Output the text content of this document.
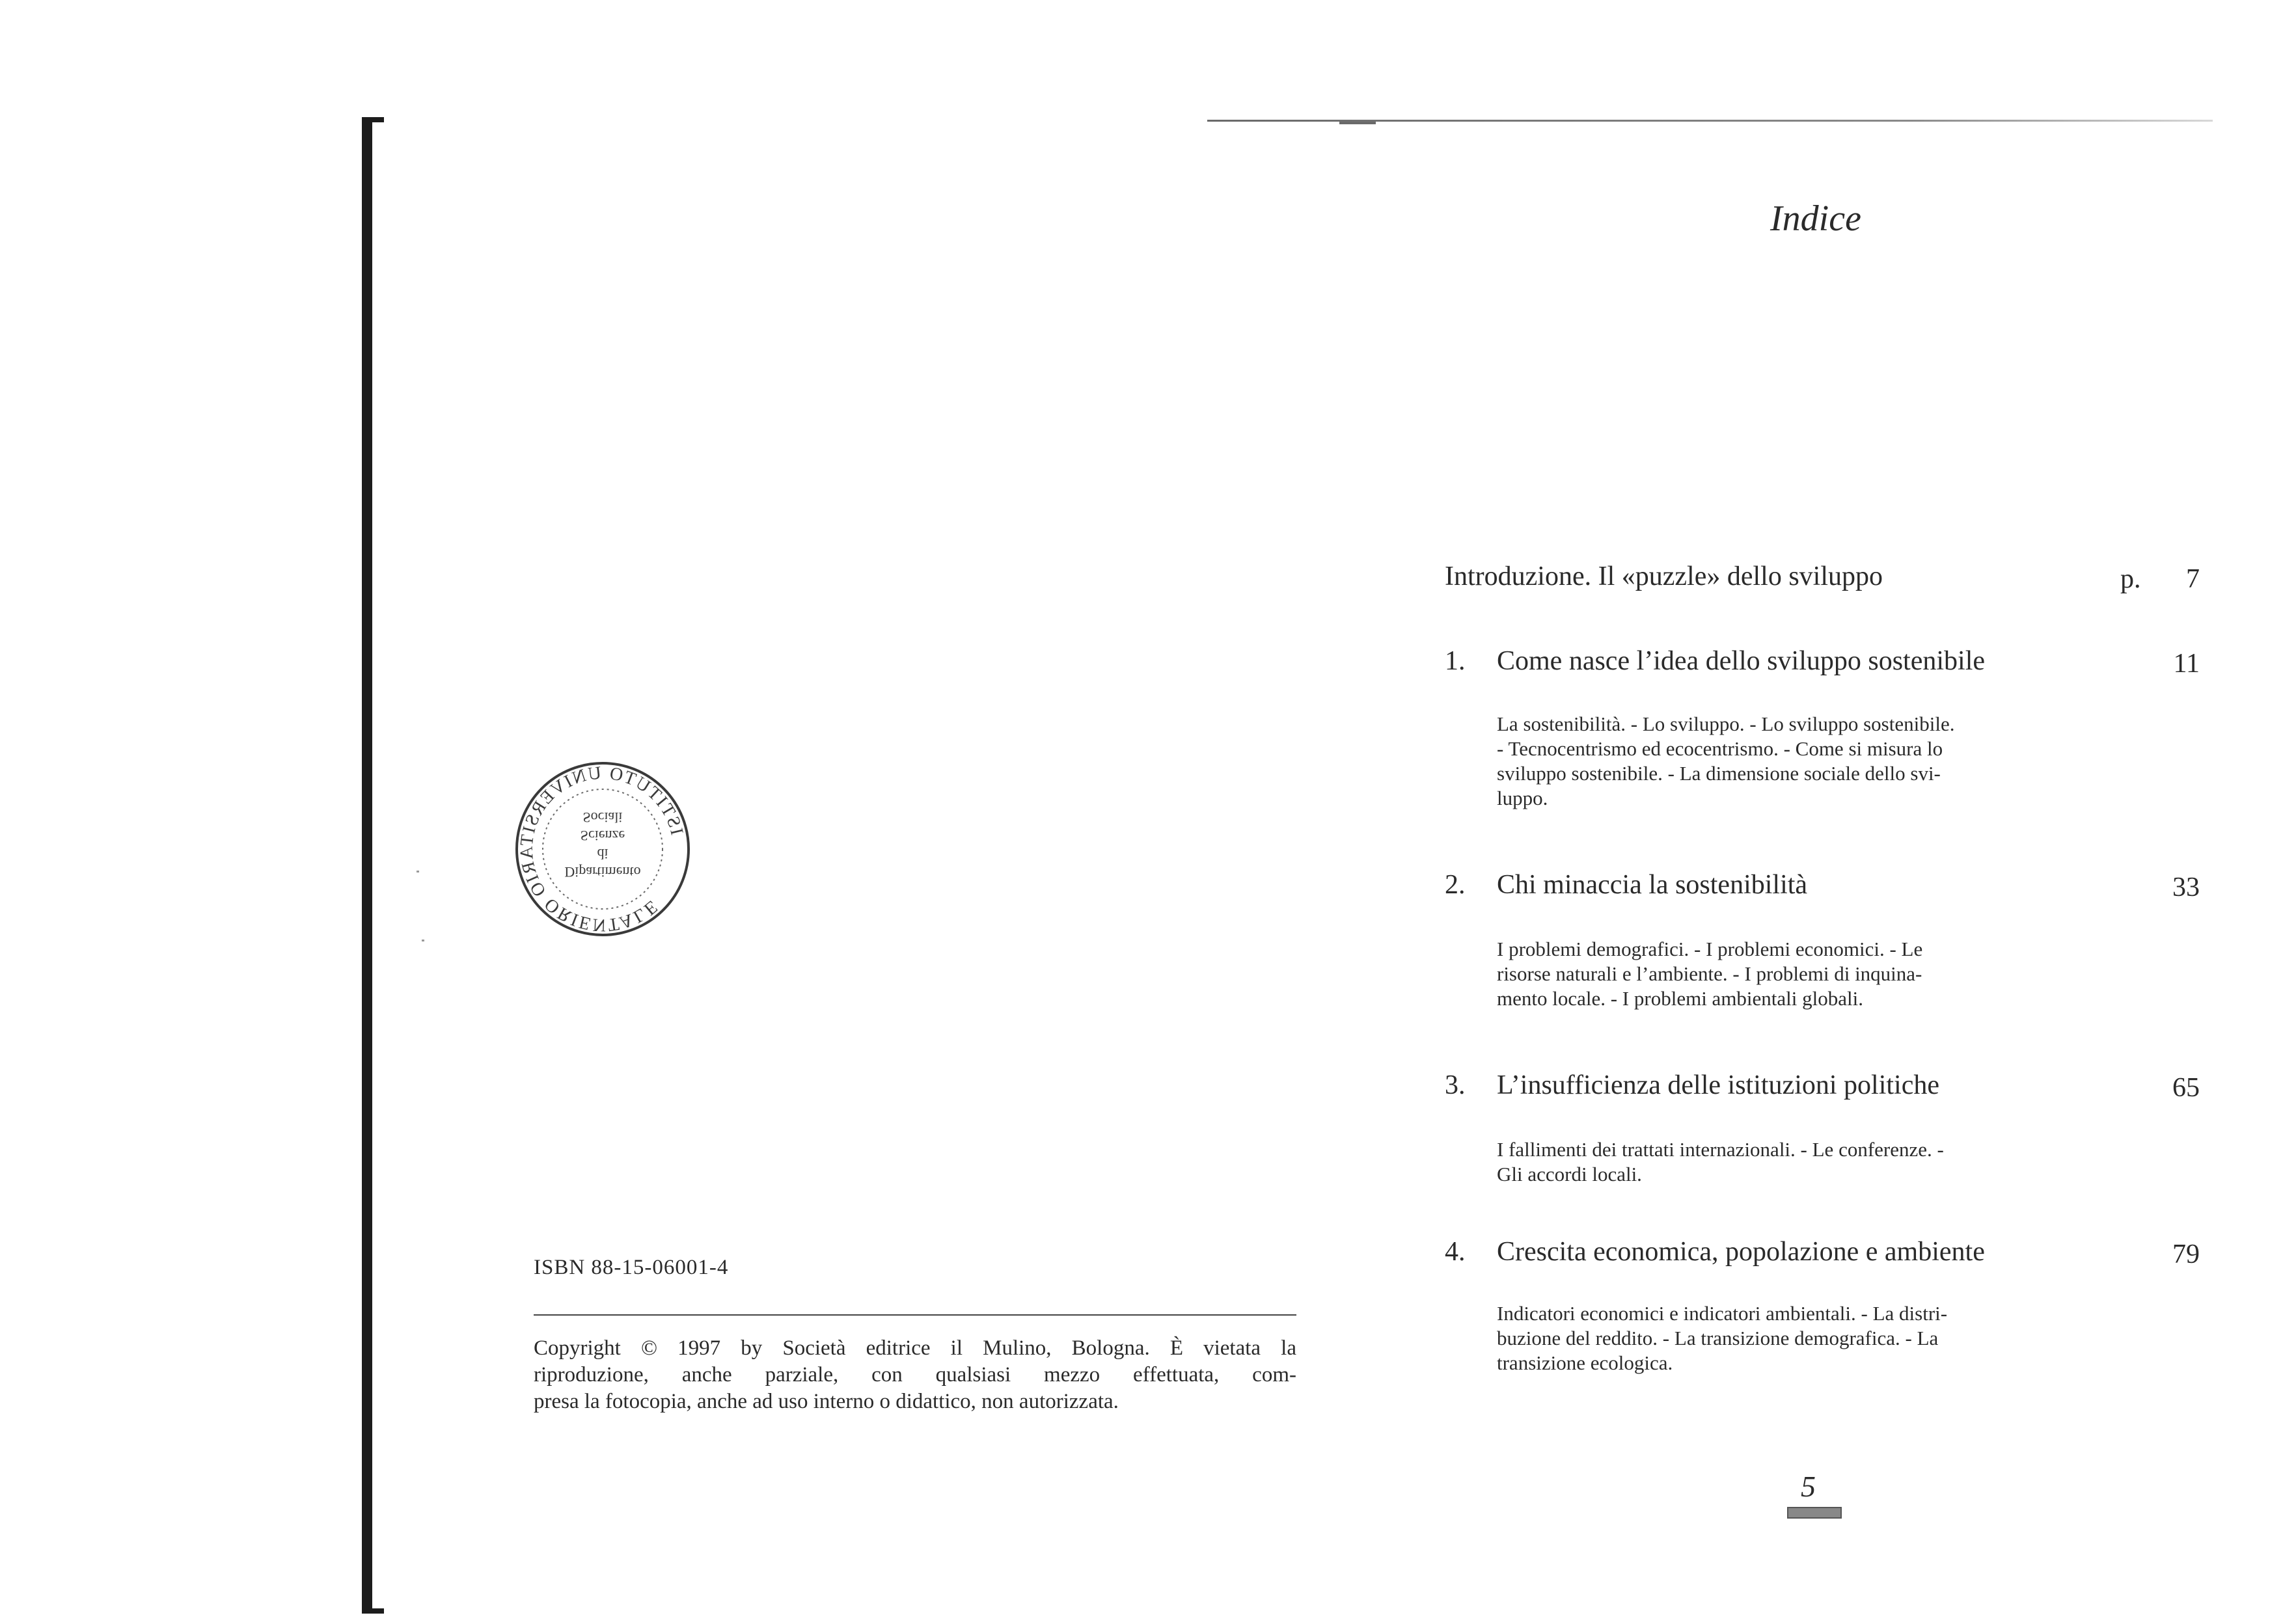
ISTITUTO UNIVERSITARIO ORIENTALE
Dipartimento
di
Scienze
Sociali
ISBN 88-15-06001-4
Copyright © 1997 by Società editrice il Mulino, Bologna. È vietata la
riproduzione, anche parziale, con qualsiasi mezzo effettuata, com-
presa la fotocopia, anche ad uso interno o didattico, non autorizzata.
Indice
Introduzione. Il «puzzle» dello sviluppo	p. 7
1. Come nasce l’idea dello sviluppo sostenibile	11
La sostenibilità. - Lo sviluppo. - Lo sviluppo sostenibile.
- Tecnocentrismo ed ecocentrismo. - Come si misura lo
sviluppo sostenibile. - La dimensione sociale dello svi-
luppo.
2. Chi minaccia la sostenibilità	33
I problemi demografici. - I problemi economici. - Le
risorse naturali e l’ambiente. - I problemi di inquina-
mento locale. - I problemi ambientali globali.
3. L’insufficienza delle istituzioni politiche	65
I fallimenti dei trattati internazionali. - Le conferenze. -
Gli accordi locali.
4. Crescita economica, popolazione e ambiente	79
Indicatori economici e indicatori ambientali. - La distri-
buzione del reddito. - La transizione demografica. - La
transizione ecologica.
5
